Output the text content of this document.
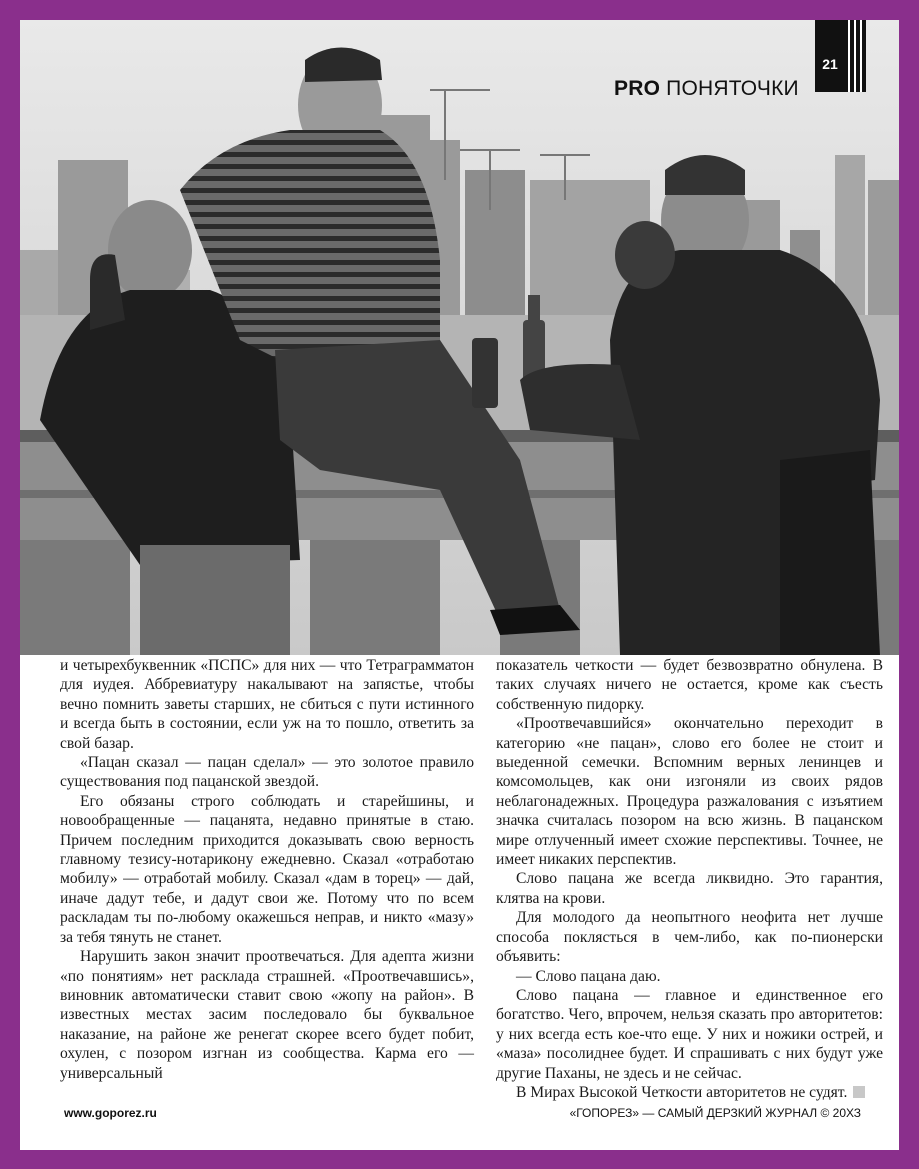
PRO ПОНЯТОЧКИ
21

и четырехбуквенник «ПСПС» для них — что Тетраграмматон для иудея. Аббревиатуру накалывают на запястье, чтобы вечно помнить заветы старших, не сбиться с пути истинного и всегда быть в состоянии, если уж на то пошло, ответить за свой базар.

«Пацан сказал — пацан сделал» — это золотое правило существования под пацанской звездой.

Его обязаны строго соблюдать и старейшины, и новообращенные — пацанята, недавно принятые в стаю. Причем последним приходится доказывать свою верность главному тезису-нотарикону ежедневно. Сказал «отработаю мобилу» — отработай мобилу. Сказал «дам в торец» — дай, иначе дадут тебе, и дадут свои же. Потому что по всем раскладам ты по-любому окажешься неправ, и никто «мазу» за тебя тянуть не станет.

Нарушить закон значит проотвечаться. Для адепта жизни «по понятиям» нет расклада страшней. «Проотвечавшись», виновник автоматически ставит свою «жопу на район». В известных местах засим последовало бы буквальное наказание, на районе же ренегат скорее всего будет побит, охулен, с позором изгнан из сообщества. Карма его — универсальный

показатель четкости — будет безвозвратно обнулена. В таких случаях ничего не остается, кроме как съесть собственную пидорку.

«Проотвечавшийся» окончательно переходит в категорию «не пацан», слово его более не стоит и выеденной семечки. Вспомним верных ленинцев и комсомольцев, как они изгоняли из своих рядов неблагонадежных. Процедура разжалования с изъятием значка считалась позором на всю жизнь. В пацанском мире отлученный имеет схожие перспективы. Точнее, не имеет никаких перспектив.

Слово пацана же всегда ликвидно. Это гарантия, клятва на крови.

Для молодого да неопытного неофита нет лучше способа поклясться в чем-либо, как по-пионерски объявить:

— Слово пацана даю.

Слово пацана — главное и единственное его богатство. Чего, впрочем, нельзя сказать про авторитетов: у них всегда есть кое-что еще. У них и ножики острей, и «маза» посолиднее будет. И спрашивать с них будут уже другие Паханы, не здесь и не сейчас.

В Мирах Высокой Четкости авторитетов не судят.

www.goporez.ru	«ГОПОРЕЗ» — САМЫЙ ДЕРЗКИЙ ЖУРНАЛ © 20ХЗ
